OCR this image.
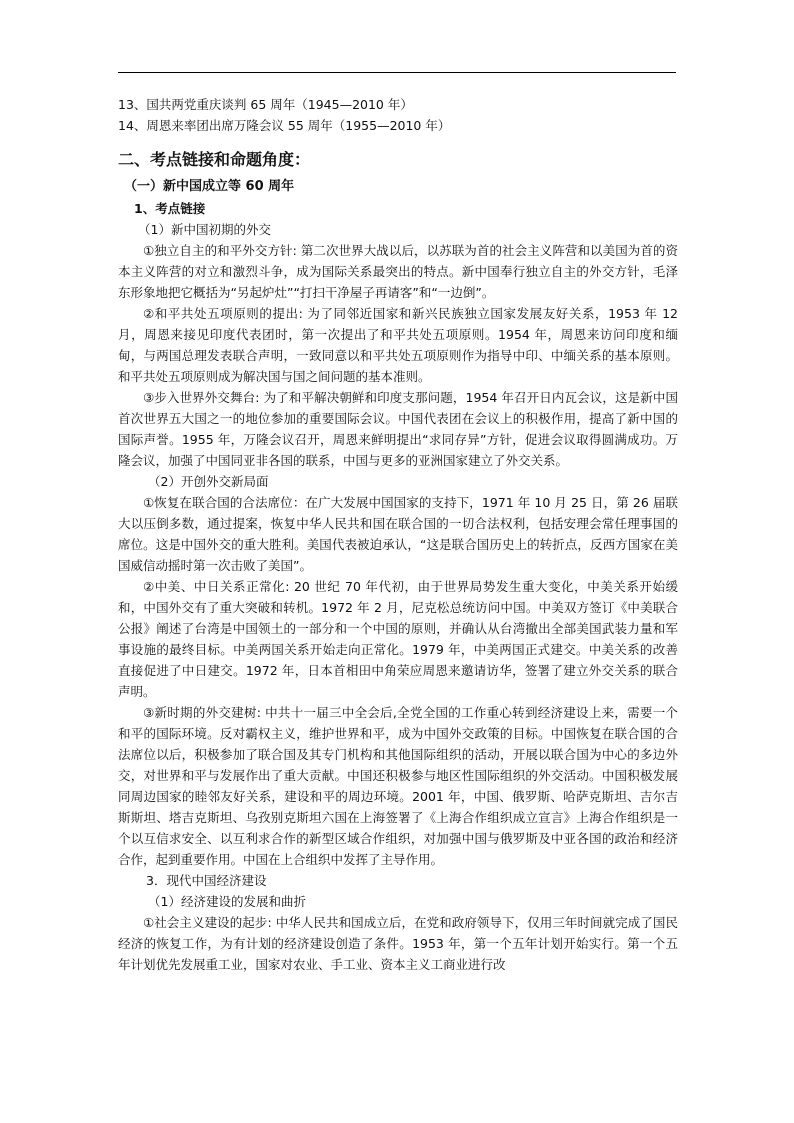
13、国共两党重庆谈判 65 周年（1945—2010 年）

14、周恩来率团出席万隆会议 55 周年（1955—2010 年）

二、考点链接和命题角度：

（一）新中国成立等 60 周年

1、考点链接

（1）新中国初期的外交

①独立自主的和平外交方针: 第二次世界大战以后，以苏联为首的社会主义阵营和以美国为首的资本主义阵营的对立和激烈斗争，成为国际关系最突出的特点。新中国奉行独立自主的外交方针，毛泽东形象地把它概括为“另起炉灶”“打扫干净屋子再请客”和“一边倒”。

②和平共处五项原则的提出: 为了同邻近国家和新兴民族独立国家发展友好关系，1953 年 12 月，周恩来接见印度代表团时，第一次提出了和平共处五项原则。1954 年，周恩来访问印度和缅甸，与两国总理发表联合声明，一致同意以和平共处五项原则作为指导中印、中缅关系的基本原则。和平共处五项原则成为解决国与国之间问题的基本准则。

③步入世界外交舞台: 为了和平解决朝鲜和印度支那问题，1954 年召开日内瓦会议，这是新中国首次世界五大国之一的地位参加的重要国际会议。中国代表团在会议上的积极作用，提高了新中国的国际声誉。1955 年，万隆会议召开，周恩来鲜明提出“求同存异”方针，促进会议取得圆满成功。万隆会议，加强了中国同亚非各国的联系，中国与更多的亚洲国家建立了外交关系。

（2）开创外交新局面

①恢复在联合国的合法席位：在广大发展中国国家的支持下，1971 年 10 月 25 日，第 26 届联大以压倒多数，通过提案，恢复中华人民共和国在联合国的一切合法权利，包括安理会常任理事国的席位。这是中国外交的重大胜利。美国代表被迫承认，“这是联合国历史上的转折点，反西方国家在美国威信动摇时第一次击败了美国”。

②中美、中日关系正常化: 20 世纪 70 年代初，由于世界局势发生重大变化，中美关系开始缓和，中国外交有了重大突破和转机。1972 年 2 月，尼克松总统访问中国。中美双方签订《中美联合公报》阐述了台湾是中国领土的一部分和一个中国的原则，并确认从台湾撤出全部美国武装力量和军事设施的最终目标。中美两国关系开始走向正常化。1979 年，中美两国正式建交。中美关系的改善直接促进了中日建交。1972 年，日本首相田中角荣应周恩来邀请访华，签署了建立外交关系的联合声明。

③新时期的外交建树: 中共十一届三中全会后,全党全国的工作重心转到经济建设上来，需要一个和平的国际环境。反对霸权主义，维护世界和平，成为中国外交政策的目标。中国恢复在联合国的合法席位以后，积极参加了联合国及其专门机构和其他国际组织的活动，开展以联合国为中心的多边外交，对世界和平与发展作出了重大贡献。中国还积极参与地区性国际组织的外交活动。中国积极发展同周边国家的睦邻友好关系，建设和平的周边环境。2001 年，中国、俄罗斯、哈萨克斯坦、吉尔吉斯斯坦、塔吉克斯坦、乌孜别克斯坦六国在上海签署了《上海合作组织成立宣言》上海合作组织是一个以互信求安全、以互利求合作的新型区域合作组织，对加强中国与俄罗斯及中亚各国的政治和经济合作，起到重要作用。中国在上合组织中发挥了主导作用。

3．现代中国经济建设

（1）经济建设的发展和曲折

①社会主义建设的起步: 中华人民共和国成立后，在党和政府领导下，仅用三年时间就完成了国民经济的恢复工作，为有计划的经济建设创造了条件。1953 年，第一个五年计划开始实行。第一个五年计划优先发展重工业，国家对农业、手工业、资本主义工商业进行改
